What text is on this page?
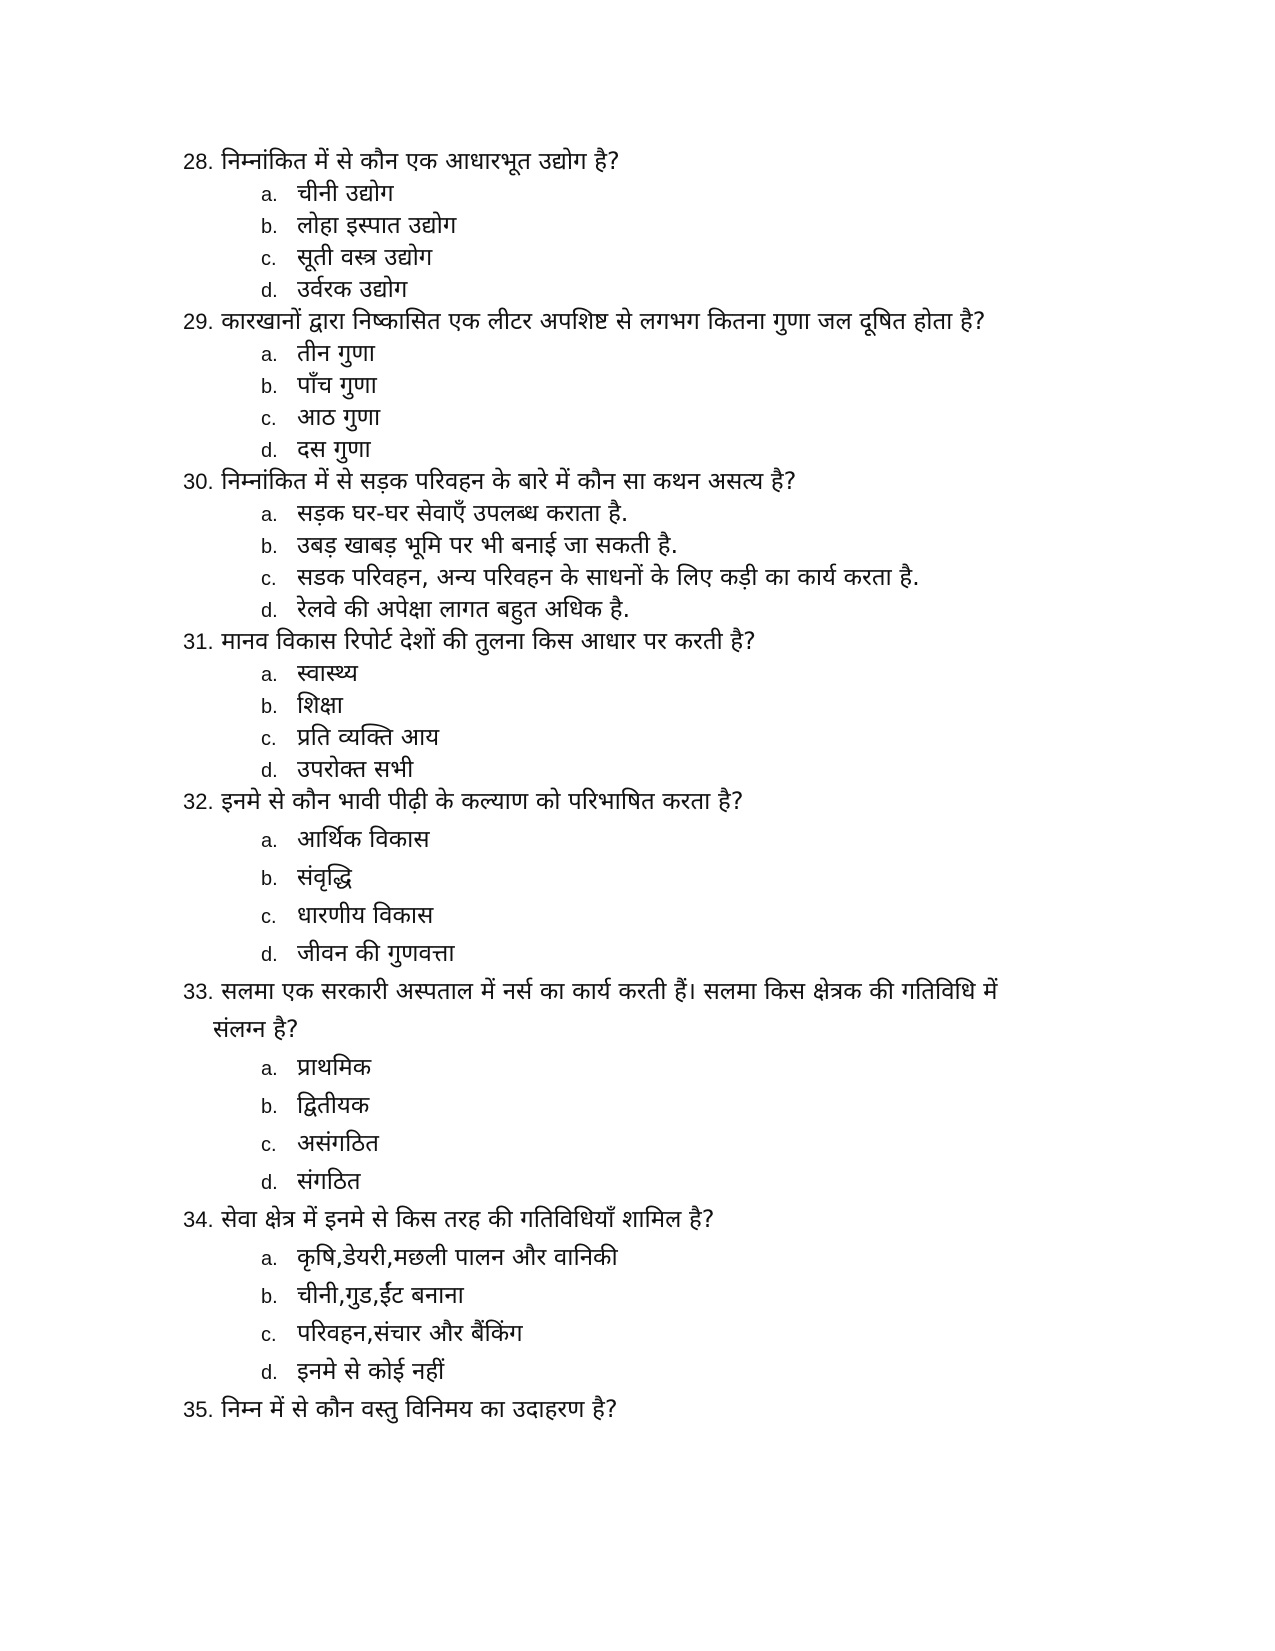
28. निम्नांकित में से कौन एक आधारभूत उद्योग है?
a. चीनी उद्योग
b. लोहा इस्पात उद्योग
c. सूती वस्त्र उद्योग
d. उर्वरक उद्योग
29. कारखानों द्वारा निष्कासित एक लीटर अपशिष्ट से लगभग कितना गुणा जल दूषित होता है?
a. तीन गुणा
b. पाँच गुणा
c. आठ गुणा
d. दस गुणा
30. निम्नांकित में से सड़क परिवहन के बारे में कौन सा कथन असत्य है?
a. सड़क घर-घर सेवाएँ उपलब्ध कराता है.
b. उबड़ खाबड़ भूमि पर भी बनाई जा सकती है.
c. सडक परिवहन, अन्य परिवहन के साधनों के लिए कड़ी का कार्य करता है.
d. रेलवे की अपेक्षा लागत बहुत अधिक है.
31. मानव विकास रिपोर्ट देशों की तुलना किस आधार पर करती है?
a. स्वास्थ्य
b. शिक्षा
c. प्रति व्यक्ति आय
d. उपरोक्त सभी
32. इनमे से कौन भावी पीढ़ी के कल्याण को परिभाषित करता है?
a. आर्थिक विकास
b. संवृद्धि
c. धारणीय विकास
d. जीवन की गुणवत्ता
33. सलमा एक सरकारी अस्पताल में नर्स का कार्य करती हैं। सलमा किस क्षेत्रक की गतिविधि में
संलग्न है?
a. प्राथमिक
b. द्वितीयक
c. असंगठित
d. संगठित
34. सेवा क्षेत्र में इनमे से किस तरह की गतिविधियाँ शामिल है?
a. कृषि,डेयरी,मछली पालन और वानिकी
b. चीनी,गुड,ईंट बनाना
c. परिवहन,संचार और बैंकिंग
d. इनमे से कोई नहीं
35. निम्न में से कौन वस्तु विनिमय का उदाहरण है?
